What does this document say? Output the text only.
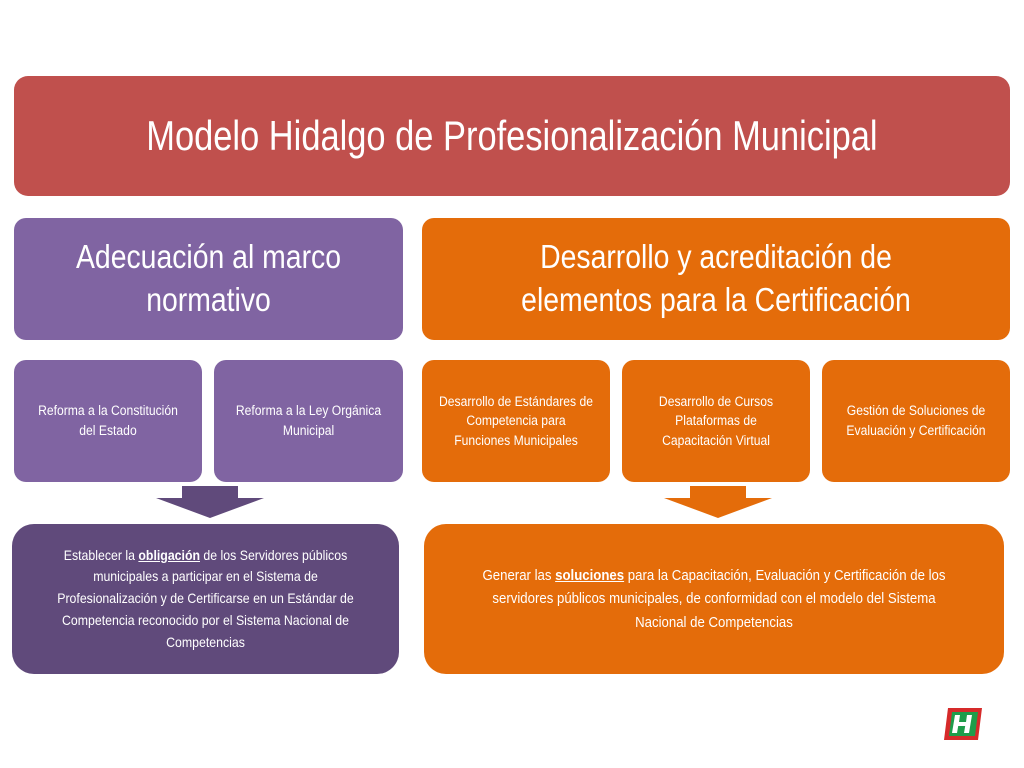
Modelo Hidalgo de Profesionalización Municipal
Adecuación al marco normativo
Desarrollo y acreditación de elementos para la Certificación
Reforma a la Constitución del Estado
Reforma a la Ley Orgánica Municipal
Desarrollo de Estándares de Competencia para Funciones Municipales
Desarrollo de Cursos Plataformas de Capacitación Virtual
Gestión de Soluciones de Evaluación y Certificación
Establecer la obligación de los Servidores públicos municipales a participar en el Sistema de Profesionalización y de Certificarse en un Estándar de Competencia reconocido por el Sistema Nacional de Competencias
Generar las soluciones para la Capacitación, Evaluación y Certificación de los servidores públicos municipales, de conformidad con el modelo del Sistema Nacional de Competencias
